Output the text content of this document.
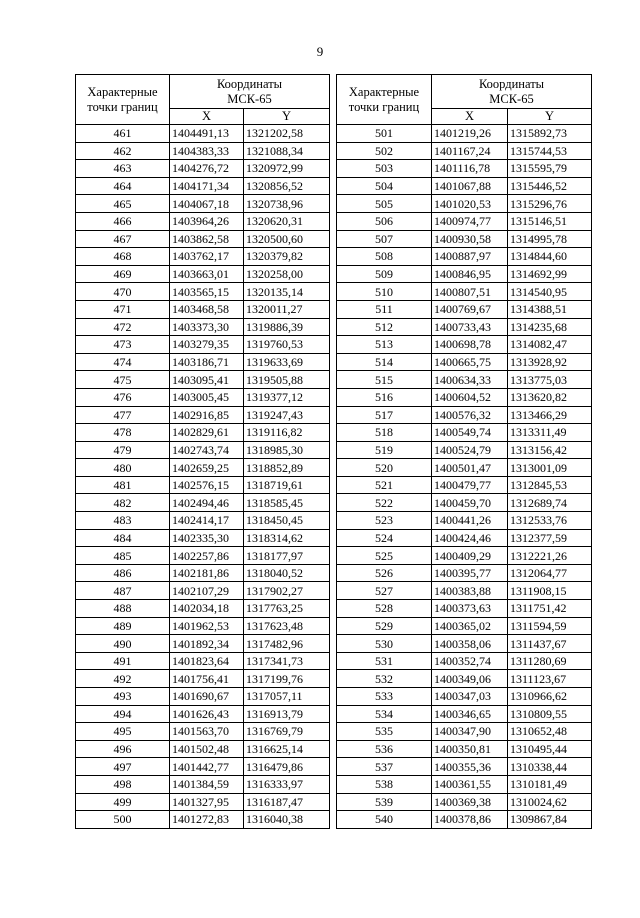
9
Характерные точки границ	Координаты
МСК-65	
	X	Y
461	1404491,13	1321202,58
462	1404383,33	1321088,34
463	1404276,72	1320972,99
464	1404171,34	1320856,52
465	1404067,18	1320738,96
466	1403964,26	1320620,31
467	1403862,58	1320500,60
468	1403762,17	1320379,82
469	1403663,01	1320258,00
470	1403565,15	1320135,14
471	1403468,58	1320011,27
472	1403373,30	1319886,39
473	1403279,35	1319760,53
474	1403186,71	1319633,69
475	1403095,41	1319505,88
476	1403005,45	1319377,12
477	1402916,85	1319247,43
478	1402829,61	1319116,82
479	1402743,74	1318985,30
480	1402659,25	1318852,89
481	1402576,15	1318719,61
482	1402494,46	1318585,45
483	1402414,17	1318450,45
484	1402335,30	1318314,62
485	1402257,86	1318177,97
486	1402181,86	1318040,52
487	1402107,29	1317902,27
488	1402034,18	1317763,25
489	1401962,53	1317623,48
490	1401892,34	1317482,96
491	1401823,64	1317341,73
492	1401756,41	1317199,76
493	1401690,67	1317057,11
494	1401626,43	1316913,79
495	1401563,70	1316769,79
496	1401502,48	1316625,14
497	1401442,77	1316479,86
498	1401384,59	1316333,97
499	1401327,95	1316187,47
500	1401272,83	1316040,38
Характерные точки границ	Координаты
МСК-65	
	X	Y
501	1401219,26	1315892,73
502	1401167,24	1315744,53
503	1401116,78	1315595,79
504	1401067,88	1315446,52
505	1401020,53	1315296,76
506	1400974,77	1315146,51
507	1400930,58	1314995,78
508	1400887,97	1314844,60
509	1400846,95	1314692,99
510	1400807,51	1314540,95
511	1400769,67	1314388,51
512	1400733,43	1314235,68
513	1400698,78	1314082,47
514	1400665,75	1313928,92
515	1400634,33	1313775,03
516	1400604,52	1313620,82
517	1400576,32	1313466,29
518	1400549,74	1313311,49
519	1400524,79	1313156,42
520	1400501,47	1313001,09
521	1400479,77	1312845,53
522	1400459,70	1312689,74
523	1400441,26	1312533,76
524	1400424,46	1312377,59
525	1400409,29	1312221,26
526	1400395,77	1312064,77
527	1400383,88	1311908,15
528	1400373,63	1311751,42
529	1400365,02	1311594,59
530	1400358,06	1311437,67
531	1400352,74	1311280,69
532	1400349,06	1311123,67
533	1400347,03	1310966,62
534	1400346,65	1310809,55
535	1400347,90	1310652,48
536	1400350,81	1310495,44
537	1400355,36	1310338,44
538	1400361,55	1310181,49
539	1400369,38	1310024,62
540	1400378,86	1309867,84
